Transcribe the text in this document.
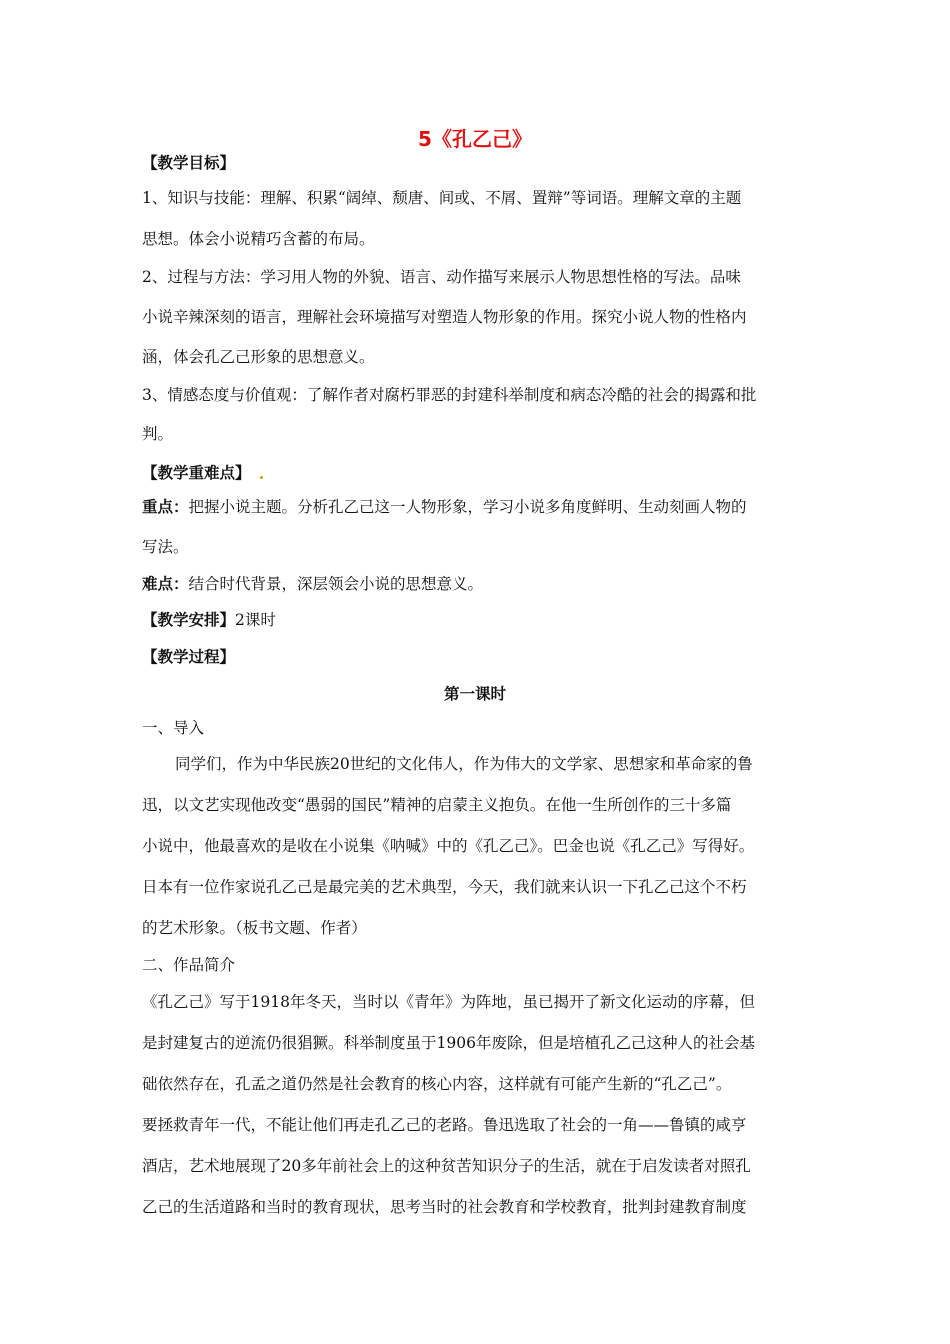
5《孔乙己》
【教学目标】
1、知识与技能：理解、积累“阔绰、颓唐、间或、不屑、置辩”等词语。理解文章的主题
思想。体会小说精巧含蓄的布局。
2、过程与方法：学习用人物的外貌、语言、动作描写来展示人物思想性格的写法。品味
小说辛辣深刻的语言，理解社会环境描写对塑造人物形象的作用。探究小说人物的性格内
涵，体会孔乙己形象的思想意义。
3、情感态度与价值观：了解作者对腐朽罪恶的封建科举制度和病态冷酷的社会的揭露和批
判。
【教学重难点】
重点：把握小说主题。分析孔乙己这一人物形象，学习小说多角度鲜明、生动刻画人物的
写法。
难点：结合时代背景，深层领会小说的思想意义。
【教学安排】2课时
【教学过程】
第一课时
一、导入
同学们，作为中华民族20世纪的文化伟人，作为伟大的文学家、思想家和革命家的鲁
迅，以文艺实现他改变“愚弱的国民”精神的启蒙主义抱负。在他一生所创作的三十多篇
小说中，他最喜欢的是收在小说集《呐喊》中的《孔乙己》。巴金也说《孔乙己》写得好。
日本有一位作家说孔乙己是最完美的艺术典型，今天，我们就来认识一下孔乙己这个不朽
的艺术形象。（板书文题、作者）
二、作品简介
《孔乙己》写于1918年冬天，当时以《青年》为阵地，虽已揭开了新文化运动的序幕，但
是封建复古的逆流仍很猖獗。科举制度虽于1906年废除，但是培植孔乙己这种人的社会基
础依然存在，孔孟之道仍然是社会教育的核心内容，这样就有可能产生新的“孔乙己”。
要拯救青年一代，不能让他们再走孔乙己的老路。鲁迅选取了社会的一角——鲁镇的咸亨
酒店，艺术地展现了20多年前社会上的这种贫苦知识分子的生活，就在于启发读者对照孔
乙己的生活道路和当时的教育现状，思考当时的社会教育和学校教育，批判封建教育制度
